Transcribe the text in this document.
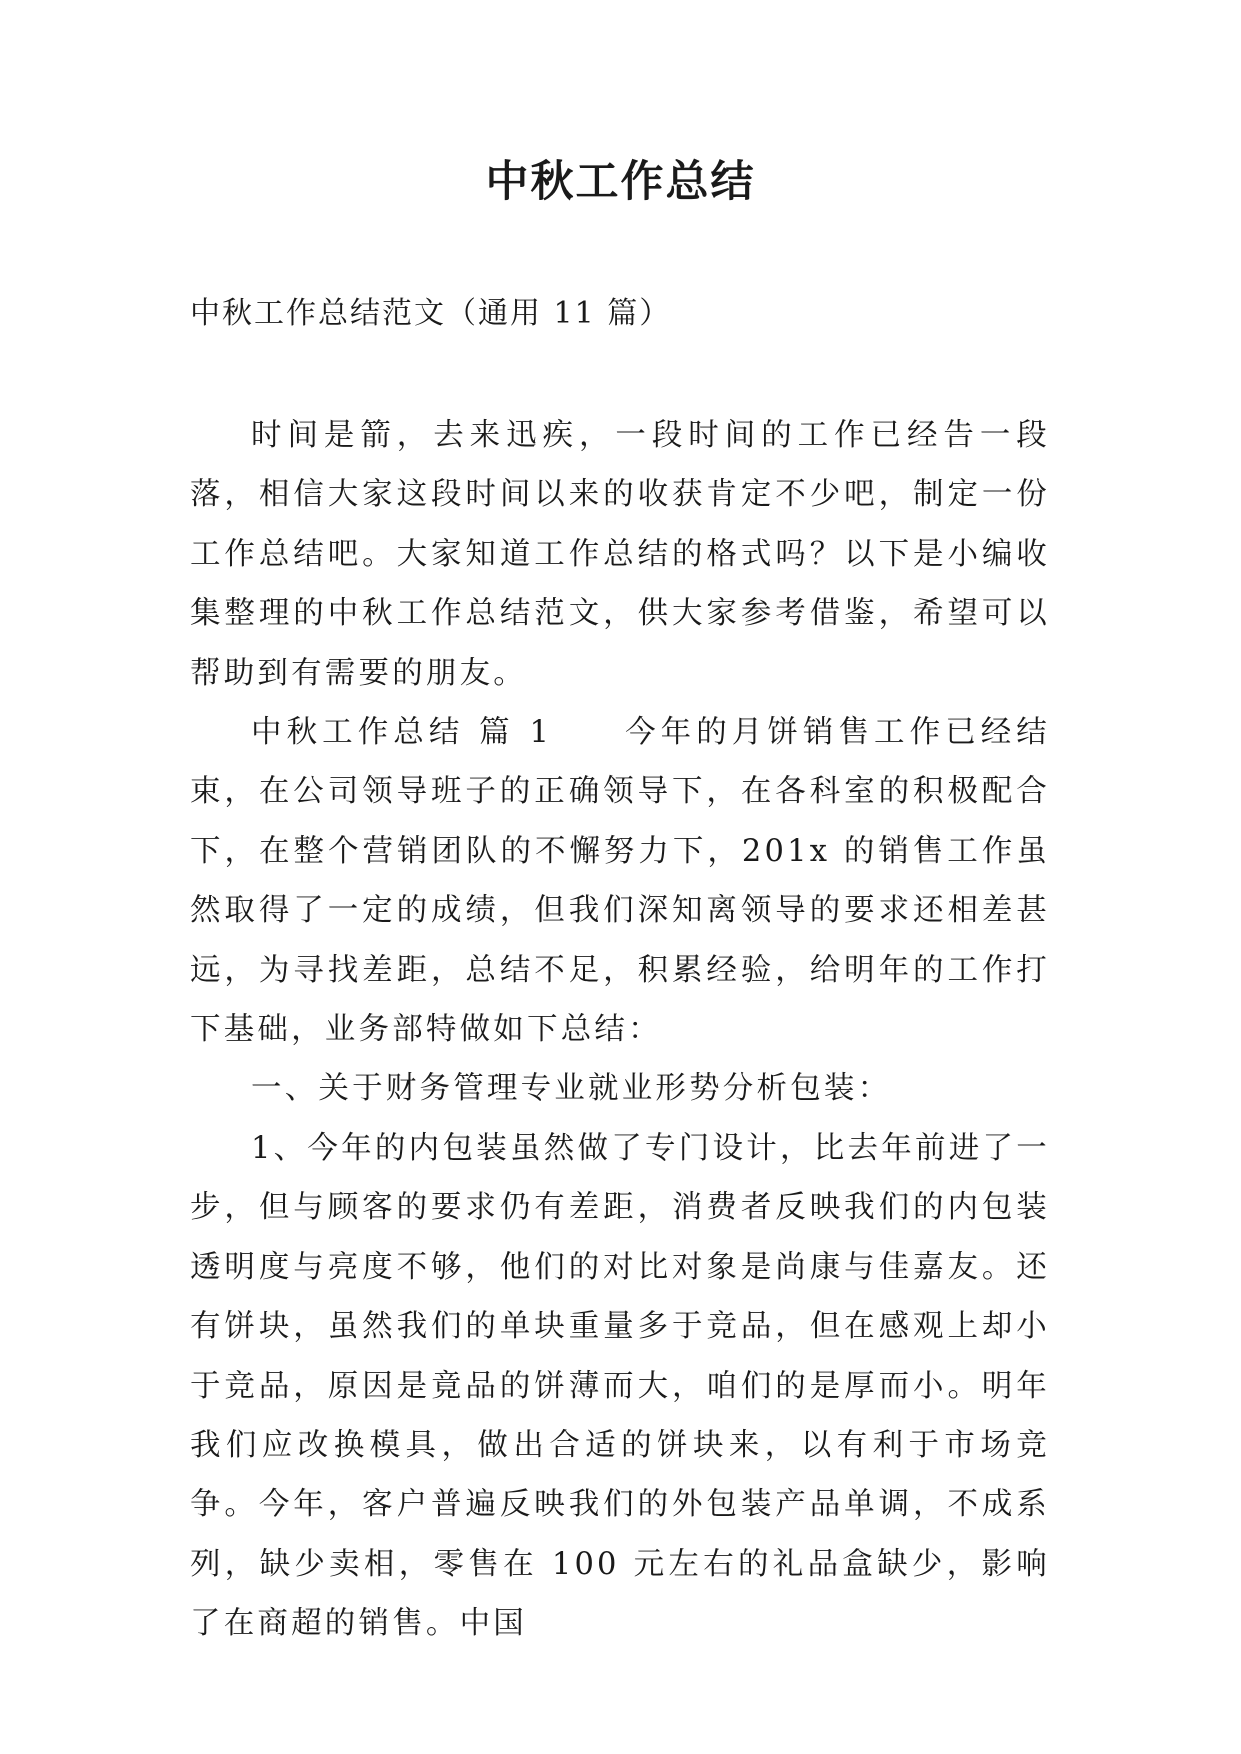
中秋工作总结

中秋工作总结范文（通用 11 篇）

时间是箭，去来迅疾，一段时间的工作已经告一段落，相信大家这段时间以来的收获肯定不少吧，制定一份工作总结吧。大家知道工作总结的格式吗？以下是小编收集整理的中秋工作总结范文，供大家参考借鉴，希望可以帮助到有需要的朋友。

中秋工作总结 篇 1　　今年的月饼销售工作已经结束，在公司领导班子的正确领导下，在各科室的积极配合下，在整个营销团队的不懈努力下，201x 的销售工作虽然取得了一定的成绩，但我们深知离领导的要求还相差甚远，为寻找差距，总结不足，积累经验，给明年的工作打下基础，业务部特做如下总结：

一、关于财务管理专业就业形势分析包装：

1、今年的内包装虽然做了专门设计，比去年前进了一步，但与顾客的要求仍有差距，消费者反映我们的内包装透明度与亮度不够，他们的对比对象是尚康与佳嘉友。还有饼块，虽然我们的单块重量多于竞品，但在感观上却小于竞品，原因是竟品的饼薄而大，咱们的是厚而小。明年我们应改换模具，做出合适的饼块来，以有利于市场竞争。今年，客户普遍反映我们的外包装产品单调，不成系列，缺少卖相，零售在 100 元左右的礼品盒缺少，影响了在商超的销售。中国
